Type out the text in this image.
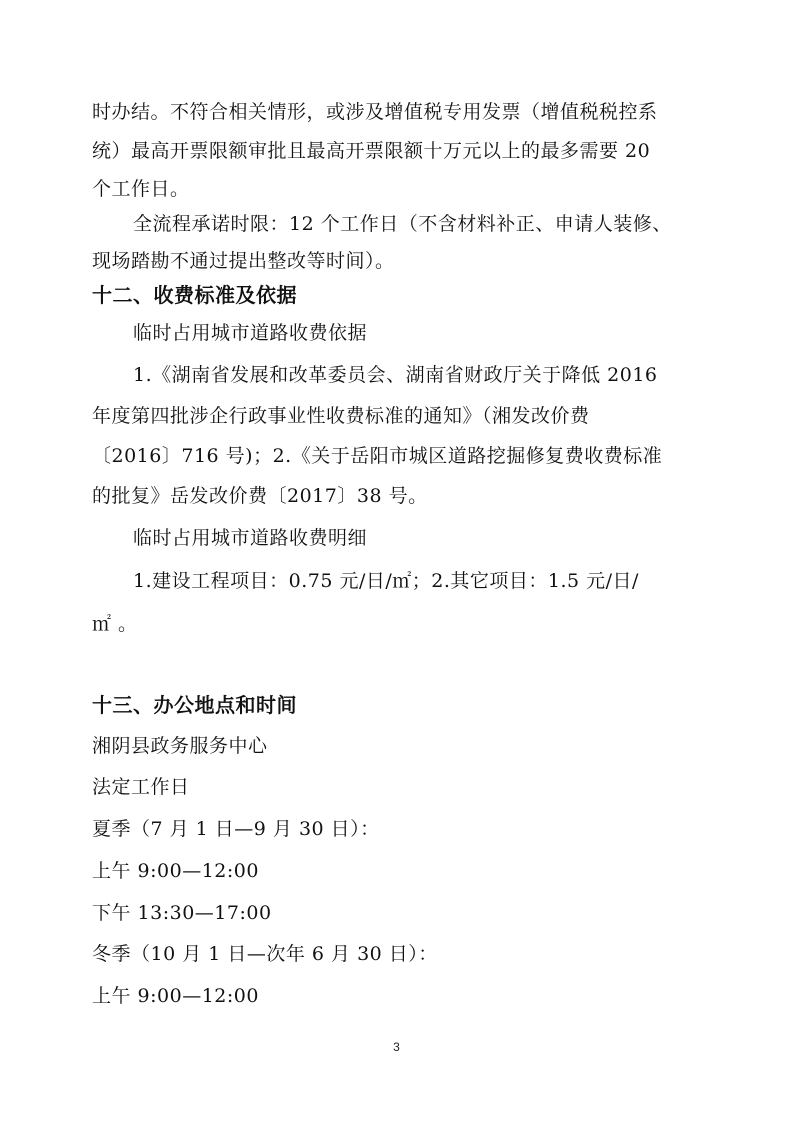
时办结。不符合相关情形，或涉及增值税专用发票（增值税税控系
统）最高开票限额审批且最高开票限额十万元以上的最多需要 20
个工作日。
全流程承诺时限：12 个工作日（不含材料补正、申请人装修、
现场踏勘不通过提出整改等时间）。
十二、收费标准及依据
临时占用城市道路收费依据
1.《湖南省发展和改革委员会、湖南省财政厅关于降低 2016
年度第四批涉企行政事业性收费标准的通知》（湘发改价费
〔2016〕716 号)；2.《关于岳阳市城区道路挖掘修复费收费标准
的批复》岳发改价费〔2017〕38 号。
临时占用城市道路收费明细
1.建设工程项目：0.75 元/日/㎡；2.其它项目：1.5 元/日/
㎡ 。
十三、办公地点和时间
湘阴县政务服务中心
法定工作日
夏季（7 月 1 日—9 月 30 日）：
上午 9:00—12:00
下午 13:30—17:00
冬季（10 月 1 日—次年 6 月 30 日）：
上午 9:00—12:00
3
